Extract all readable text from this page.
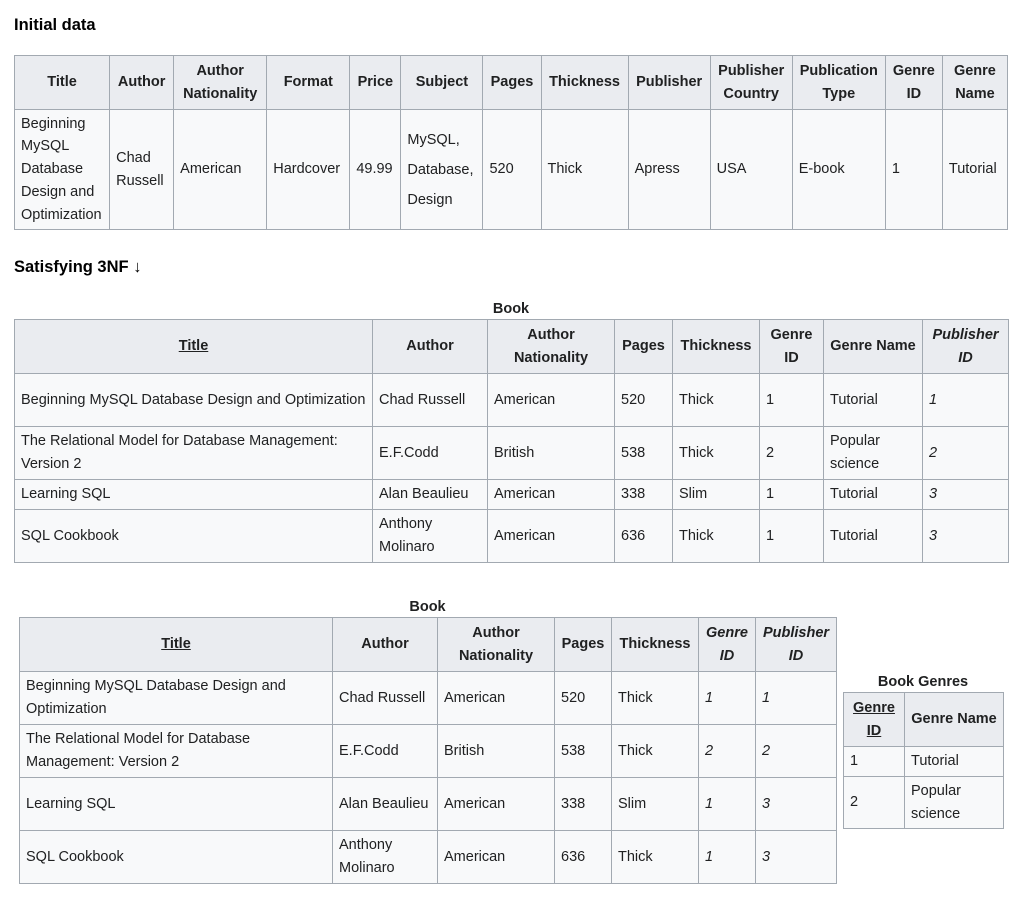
Initial data
Title	Author	Author Nationality	Format	Price	Subject	Pages	Thickness	Publisher	Publisher Country	Publication Type	Genre ID	Genre Name
Beginning MySQL Database Design and Optimization	Chad Russell	American	Hardcover	49.99	MySQL, Database, Design	520	Thick	Apress	USA	E-book	1	Tutorial
Satisfying 3NF ↓
Book
Title	Author	Author Nationality	Pages	Thickness	Genre ID	Genre Name	Publisher ID
Beginning MySQL Database Design and Optimization	Chad Russell	American	520	Thick	1	Tutorial	1
The Relational Model for Database Management: Version 2	E.F.Codd	British	538	Thick	2	Popular science	2
Learning SQL	Alan Beaulieu	American	338	Slim	1	Tutorial	3
SQL Cookbook	Anthony Molinaro	American	636	Thick	1	Tutorial	3
Book
Title	Author	Author Nationality	Pages	Thickness	Genre ID	Publisher ID
Beginning MySQL Database Design and Optimization	Chad Russell	American	520	Thick	1	1
The Relational Model for Database Management: Version 2	E.F.Codd	British	538	Thick	2	2
Learning SQL	Alan Beaulieu	American	338	Slim	1	3
SQL Cookbook	Anthony Molinaro	American	636	Thick	1	3
Book Genres
Genre ID	Genre Name
1	Tutorial
2	Popular science
